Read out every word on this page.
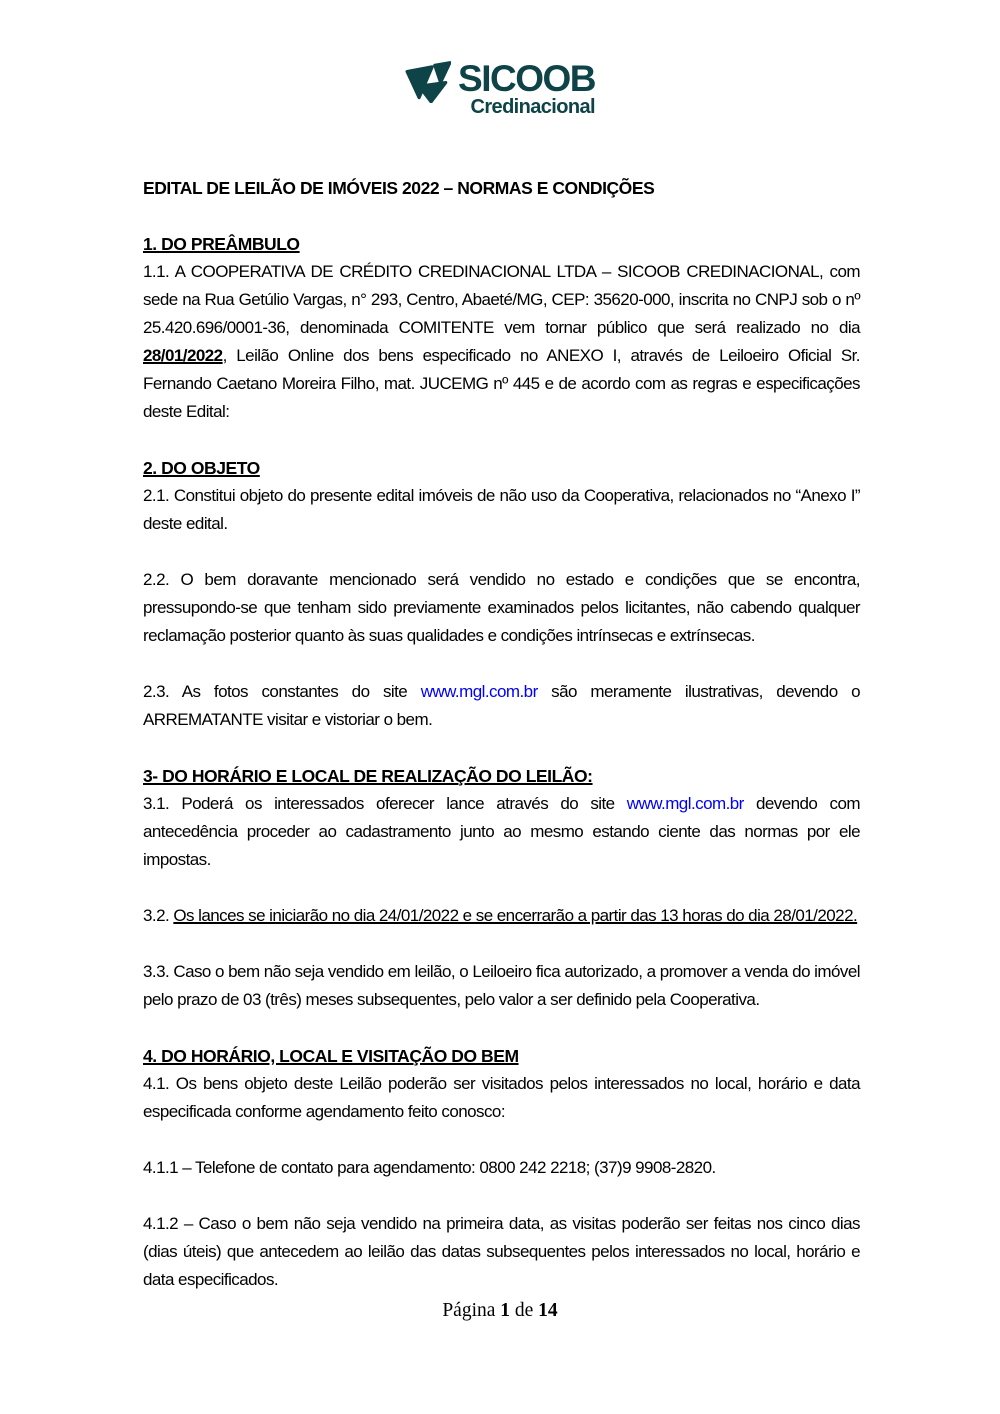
SICOOB
Credinacional
EDITAL DE LEILÃO DE IMÓVEIS 2022 – NORMAS E CONDIÇÕES
1. DO PREÂMBULO

1.1. A COOPERATIVA DE CRÉDITO CREDINACIONAL LTDA – SICOOB CREDINACIONAL, com sede na Rua Getúlio Vargas, n° 293, Centro, Abaeté/MG, CEP: 35620-000, inscrita no CNPJ sob o nº 25.420.696/0001-36, denominada COMITENTE vem tornar público que será realizado no dia 28/01/2022, Leilão Online dos bens especificado no ANEXO I, através de Leiloeiro Oficial Sr. Fernando Caetano Moreira Filho, mat. JUCEMG nº 445 e de acordo com as regras e especificações deste Edital:

2. DO OBJETO

2.1. Constitui objeto do presente edital imóveis de não uso da Cooperativa, relacionados no “Anexo I” deste edital.

2.2. O bem doravante mencionado será vendido no estado e condições que se encontra, pressupondo-se que tenham sido previamente examinados pelos licitantes, não cabendo qualquer reclamação posterior quanto às suas qualidades e condições intrínsecas e extrínsecas.

2.3. As fotos constantes do site www.mgl.com.br são meramente ilustrativas, devendo o ARREMATANTE visitar e vistoriar o bem.

3- DO HORÁRIO E LOCAL DE REALIZAÇÃO DO LEILÃO:

3.1. Poderá os interessados oferecer lance através do site www.mgl.com.br devendo com antecedência proceder ao cadastramento junto ao mesmo estando ciente das normas por ele impostas.

3.2. Os lances se iniciarão no dia 24/01/2022 e se encerrarão a partir das 13 horas do dia 28/01/2022.

3.3. Caso o bem não seja vendido em leilão, o Leiloeiro fica autorizado, a promover a venda do imóvel pelo prazo de 03 (três) meses subsequentes, pelo valor a ser definido pela Cooperativa.

4. DO HORÁRIO, LOCAL E VISITAÇÃO DO BEM

4.1. Os bens objeto deste Leilão poderão ser visitados pelos interessados no local, horário e data especificada conforme agendamento feito conosco:

4.1.1 – Telefone de contato para agendamento: 0800 242 2218; (37)9 9908-2820.

4.1.2 – Caso o bem não seja vendido na primeira data, as visitas poderão ser feitas nos cinco dias (dias úteis) que antecedem ao leilão das datas subsequentes pelos interessados no local, horário e data especificados.

Página 1 de 14
